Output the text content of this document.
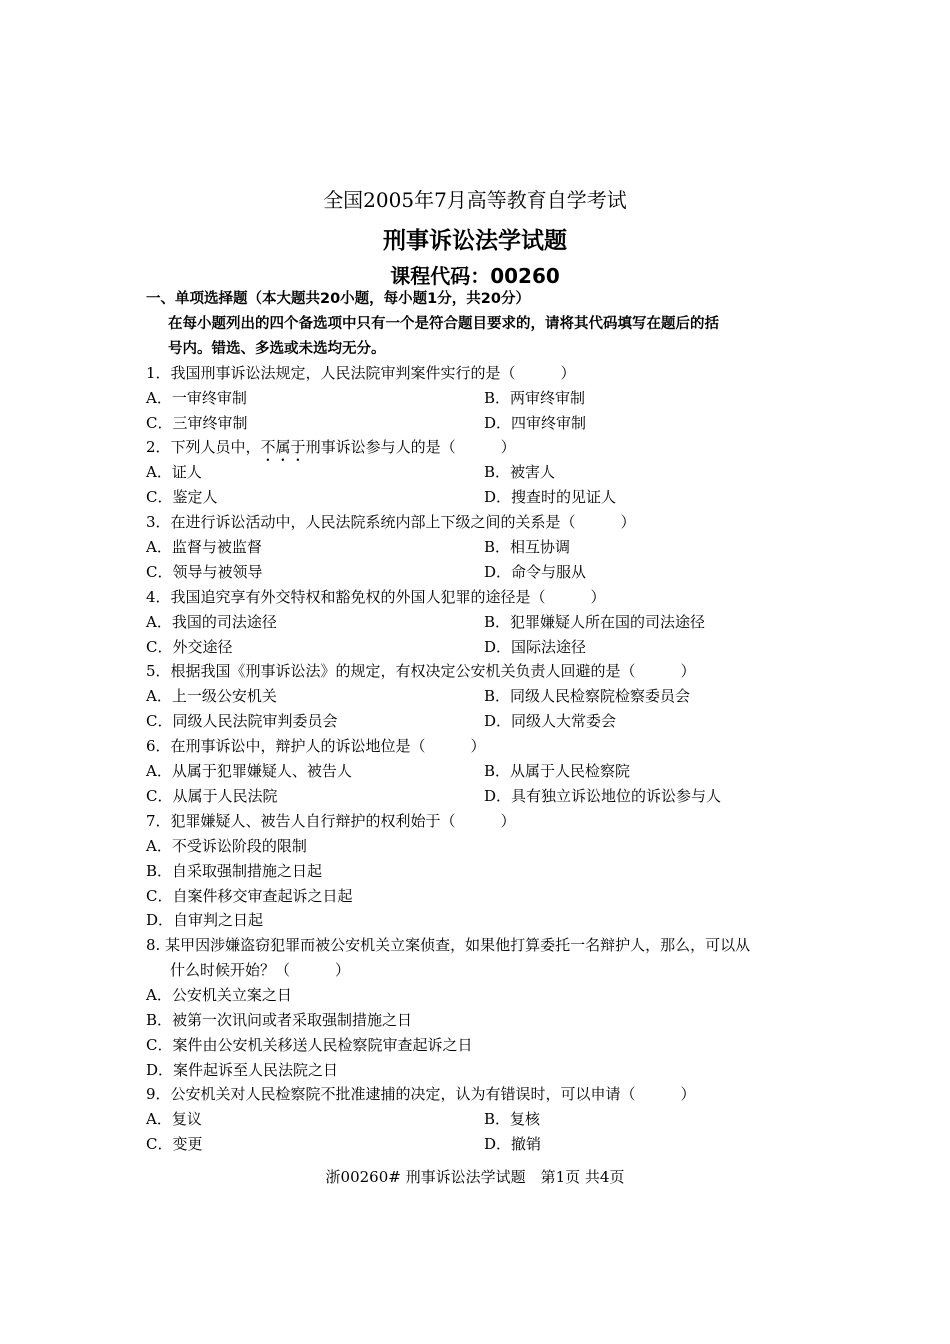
全国2005年7月高等教育自学考试
刑事诉讼法学试题
课程代码：00260
一、单项选择题（本大题共20小题，每小题1分，共20分）
在每小题列出的四个备选项中只有一个是符合题目要求的，请将其代码填写在题后的括
号内。错选、多选或未选均无分。
1．我国刑事诉讼法规定，人民法院审判案件实行的是（　　　）
A．一审终审制	B．两审终审制
C．三审终审制	D．四审终审制
2．下列人员中，不属于刑事诉讼参与人的是（　　　）
A．证人	B．被害人
C．鉴定人	D．搜查时的见证人
3．在进行诉讼活动中，人民法院系统内部上下级之间的关系是（　　　）
A．监督与被监督	B．相互协调
C．领导与被领导	D．命令与服从
4．我国追究享有外交特权和豁免权的外国人犯罪的途径是（　　　）
A．我国的司法途径	B．犯罪嫌疑人所在国的司法途径
C．外交途径	D．国际法途径
5．根据我国《刑事诉讼法》的规定，有权决定公安机关负责人回避的是（　　　）
A．上一级公安机关	B．同级人民检察院检察委员会
C．同级人民法院审判委员会	D．同级人大常委会
6．在刑事诉讼中，辩护人的诉讼地位是（　　　）
A．从属于犯罪嫌疑人、被告人	B．从属于人民检察院
C．从属于人民法院	D．具有独立诉讼地位的诉讼参与人
7．犯罪嫌疑人、被告人自行辩护的权利始于（　　　）
A．不受诉讼阶段的限制
B．自采取强制措施之日起
C．自案件移交审查起诉之日起
D．自审判之日起
8. 某甲因涉嫌盗窃犯罪而被公安机关立案侦查，如果他打算委托一名辩护人，那么，可以从
什么时候开始？（　　　）
A．公安机关立案之日
B．被第一次讯问或者采取强制措施之日
C．案件由公安机关移送人民检察院审查起诉之日
D．案件起诉至人民法院之日
9．公安机关对人民检察院不批准逮捕的决定，认为有错误时，可以申请（　　　）
A．复议	B．复核
C．变更	D．撤销
浙00260# 刑事诉讼法学试题　第1页 共4页
